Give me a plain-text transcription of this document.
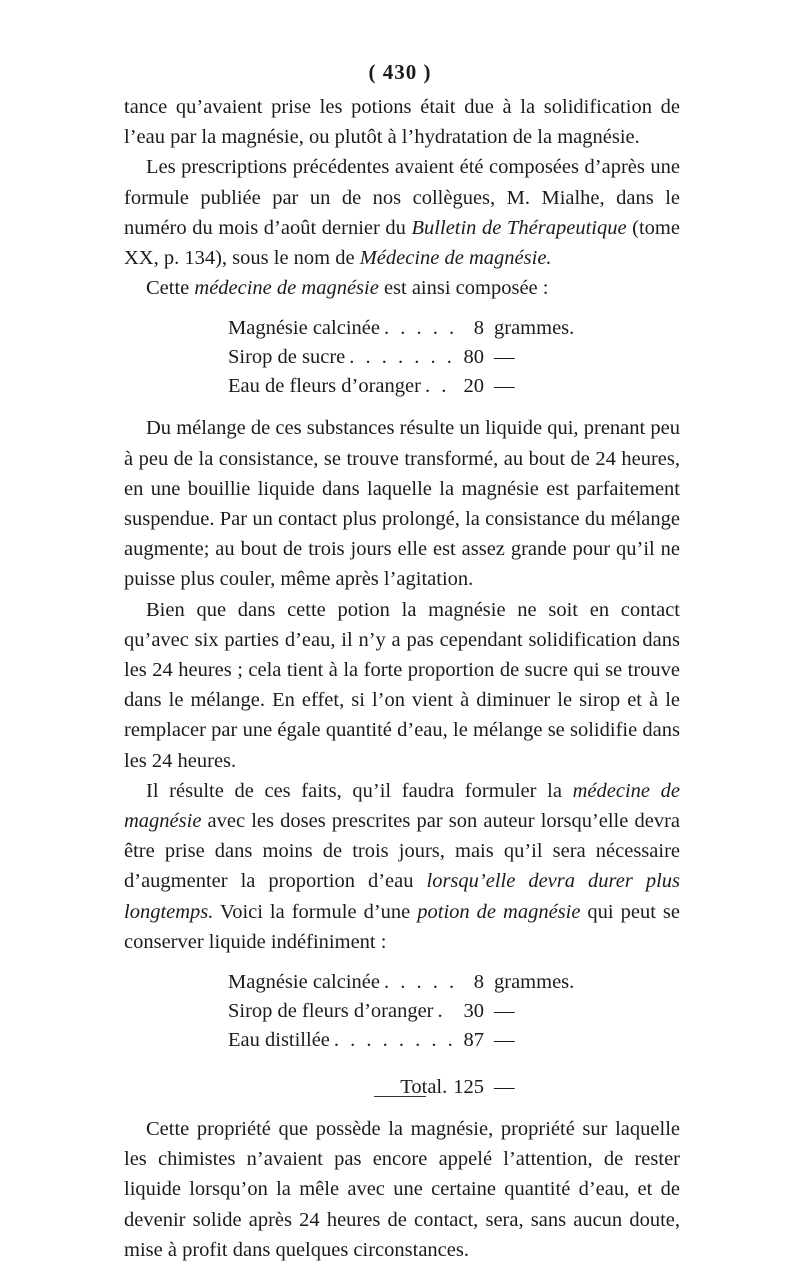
( 430 )

tance qu’avaient prise les potions était due à la solidification de l’eau par la magnésie, ou plutôt à l’hydratation de la magnésie.

Les prescriptions précédentes avaient été composées d’après une formule publiée par un de nos collègues, M. Mialhe, dans le numéro du mois d’août dernier du Bulletin de Thérapeutique (tome XX, p. 134), sous le nom de Médecine de magnésie.

Cette médecine de magnésie est ainsi composée :

Magnésie calcinée . . .	8 grammes.
Sirop de sucre . . .	80 —
Eau de fleurs d’oranger . . .	20 —

Du mélange de ces substances résulte un liquide qui, prenant peu à peu de la consistance, se trouve transformé, au bout de 24 heures, en une bouillie liquide dans laquelle la magnésie est parfaitement suspendue. Par un contact plus prolongé, la consistance du mélange augmente; au bout de trois jours elle est assez grande pour qu’il ne puisse plus couler, même après l’agitation.

Bien que dans cette potion la magnésie ne soit en contact qu’avec six parties d’eau, il n’y a pas cependant solidification dans les 24 heures ; cela tient à la forte proportion de sucre qui se trouve dans le mélange. En effet, si l’on vient à diminuer le sirop et à le remplacer par une égale quantité d’eau, le mélange se solidifie dans les 24 heures.

Il résulte de ces faits, qu’il faudra formuler la médecine de magnésie avec les doses prescrites par son auteur lorsqu’elle devra être prise dans moins de trois jours, mais qu’il sera nécessaire d’augmenter la proportion d’eau lorsqu’elle devra durer plus longtemps. Voici la formule d’une potion de magnésie qui peut se conserver liquide indéfiniment :

Magnésie calcinée . . .	8 grammes.
Sirop de fleurs d’oranger . . .	30 —
Eau distillée . . .	87 —
Total. 125 —

Cette propriété que possède la magnésie, propriété sur laquelle les chimistes n’avaient pas encore appelé l’attention, de rester liquide lorsqu’on la mêle avec une certaine quantité d’eau, et de devenir solide après 24 heures de contact, sera, sans aucun doute, mise à profit dans quelques circonstances.
